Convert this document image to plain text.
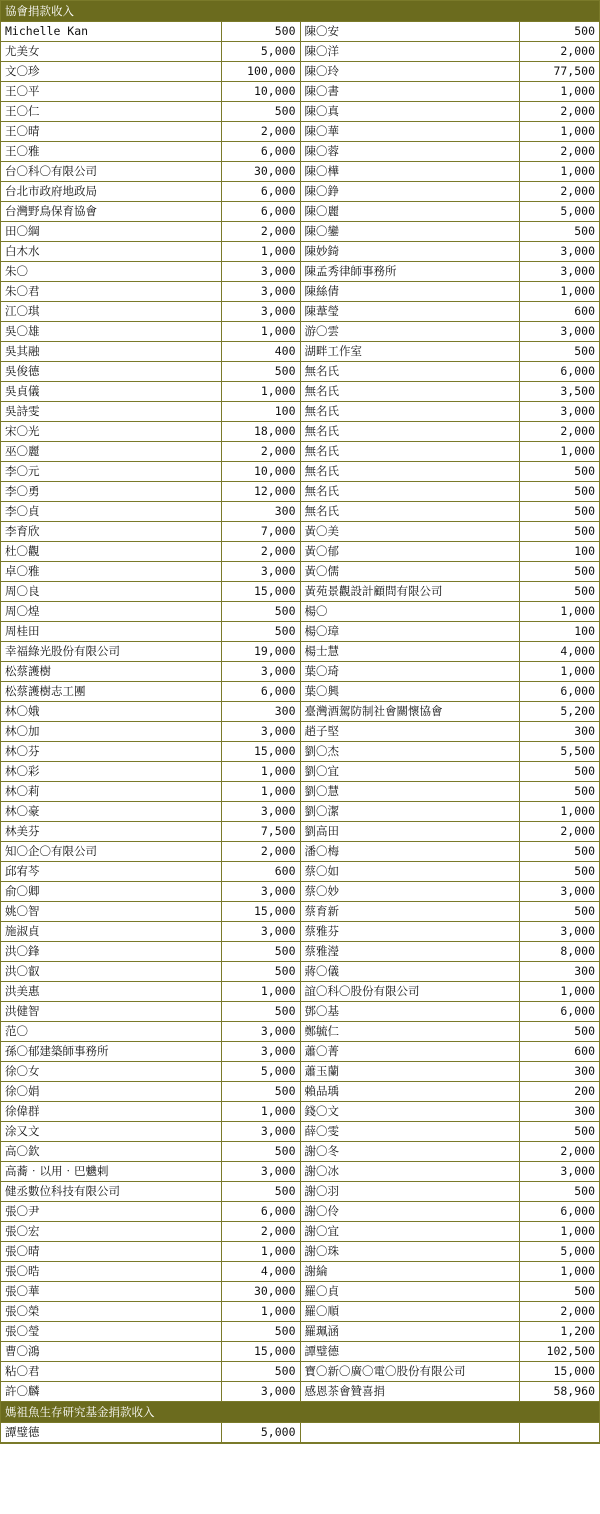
協會捐款收入			
Michelle Kan	500	陳〇安	500
尤美女	5,000	陳〇洋	2,000
文〇珍	100,000	陳〇玲	77,500
王〇平	10,000	陳〇書	1,000
王〇仁	500	陳〇真	2,000
王〇晴	2,000	陳〇華	1,000
王〇雅	6,000	陳〇蓉	2,000
台〇科〇有限公司	30,000	陳〇樺	1,000
台北市政府地政局	6,000	陳〇錚	2,000
台灣野鳥保育協會	6,000	陳〇麗	5,000
田〇綱	2,000	陳〇鑾	500
白木水	1,000	陳妙錡	3,000
朱〇	3,000	陳孟秀律師事務所	3,000
朱〇君	3,000	陳絲倩	1,000
江〇琪	3,000	陳葦瑩	600
吳〇雄	1,000	游〇雲	3,000
吳其融	400	湖畔工作室	500
吳俊德	500	無名氏	6,000
吳貞儀	1,000	無名氏	3,500
吳詩雯	100	無名氏	3,000
宋〇光	18,000	無名氏	2,000
巫〇麗	2,000	無名氏	1,000
李〇元	10,000	無名氏	500
李〇勇	12,000	無名氏	500
李〇貞	300	無名氏	500
李育欣	7,000	黃〇美	500
杜〇觀	2,000	黃〇郁	100
卓〇雅	3,000	黃〇儒	500
周〇良	15,000	黃苑景觀設計顧問有限公司	500
周〇煌	500	楊〇	1,000
周桂田	500	楊〇璋	100
幸福綠光股份有限公司	19,000	楊士慧	4,000
松蔡護樹	3,000	葉〇琦	1,000
松蔡護樹志工團	6,000	葉〇興	6,000
林〇娥	300	臺灣酒駕防制社會關懷協會	5,200
林〇加	3,000	趙子堅	300
林〇芬	15,000	劉〇杰	5,500
林〇彩	1,000	劉〇宜	500
林〇莉	1,000	劉〇慧	500
林〇豪	3,000	劉〇潔	1,000
林美芬	7,500	劉高田	2,000
知〇企〇有限公司	2,000	潘〇梅	500
邱宥芩	600	蔡〇如	500
俞〇卿	3,000	蔡〇妙	3,000
姚〇智	15,000	蔡育新	500
施淑貞	3,000	蔡雅芬	3,000
洪〇鋒	500	蔡雅瀅	8,000
洪〇叡	500	蔣〇儀	300
洪美惠	1,000	誼〇科〇股份有限公司	1,000
洪健智	500	鄧〇基	6,000
范〇	3,000	鄭毓仁	500
孫〇郁建築師事務所	3,000	蕭〇菁	600
徐〇女	5,000	蕭玉蘭	300
徐〇娟	500	賴品瑀	200
徐偉群	1,000	錢〇文	300
涂又文	3,000	薛〇雯	500
高〇欽	500	謝〇冬	2,000
高蕎‧以用‧巴魕剌	3,000	謝〇冰	3,000
健丞數位科技有限公司	500	謝〇羽	500
張〇尹	6,000	謝〇伶	6,000
張〇宏	2,000	謝〇宜	1,000
張〇晴	1,000	謝〇珠	5,000
張〇晧	4,000	謝綸	1,000
張〇華	30,000	羅〇貞	500
張〇榮	1,000	羅〇順	2,000
張〇瑩	500	羅珮涵	1,200
曹〇鴻	15,000	譚璧德	102,500
粘〇君	500	寶〇新〇廣〇電〇股份有限公司	15,000
許〇麟	3,000	感恩茶會贊喜捐	58,960
媽祖魚生存研究基金捐款收入			
譚璧德	5,000		
